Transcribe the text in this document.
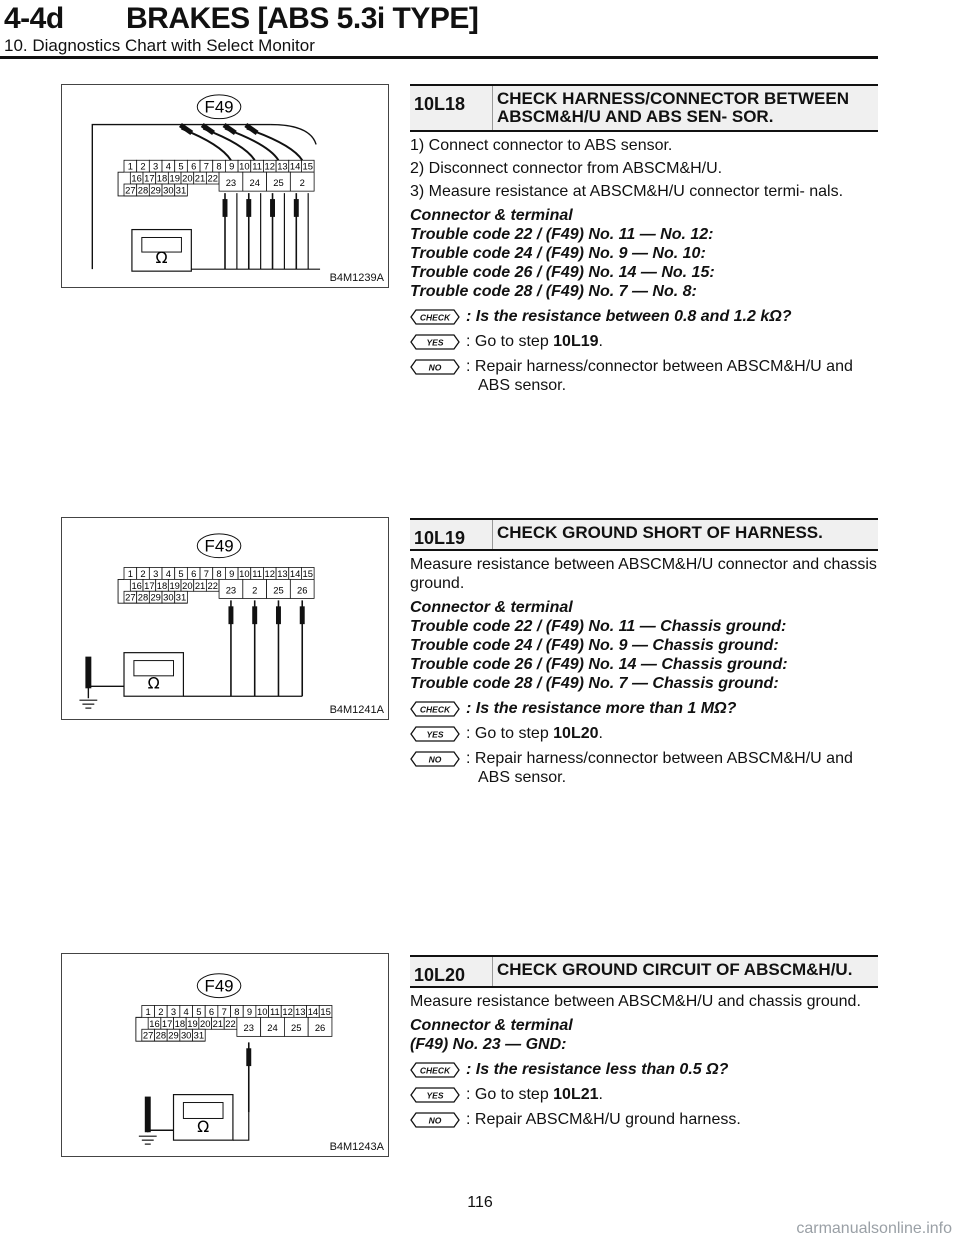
4-4d BRAKES [ABS 5.3i TYPE]
10. Diagnostics Chart with Select Monitor
F49
1 2 3 4 5 6 7 8 9 10 11 12 13 14 15
16 17 18 19 20 21 22 23 24 25 2
27 28 29 30 31
Ω
B4M1239A
F49
1 2 3 4 5 6 7 8 9 10 11 12 13 14 15
16 17 18 19 20 21 22 23 2 25 26
27 28 29 30 31
Ω
B4M1241A
F49
1 2 3 4 5 6 7 8 9 10 11 12 13 14 15
16 17 18 19 20 21 22 23 24 25 26
27 28 29 30 31
Ω
B4M1243A
10L18	CHECK HARNESS/CONNECTOR BETWEEN ABSCM&H/U AND ABS SEN- SOR.
1) Connect connector to ABS sensor.
2) Disconnect connector from ABSCM&H/U.
3) Measure resistance at ABSCM&H/U connector termi- nals.
Connector & terminal
Trouble code 22 / (F49) No. 11 — No. 12:
Trouble code 24 / (F49) No. 9 — No. 10:
Trouble code 26 / (F49) No. 14 — No. 15:
Trouble code 28 / (F49) No. 7 — No. 8:
CHECK : Is the resistance between 0.8 and 1.2 kΩ?
YES : Go to step 10L19.
NO : Repair harness/connector between ABSCM&H/U and ABS sensor.
10L19	CHECK GROUND SHORT OF HARNESS.
Measure resistance between ABSCM&H/U connector and chassis ground.
Connector & terminal
Trouble code 22 / (F49) No. 11 — Chassis ground:
Trouble code 24 / (F49) No. 9 — Chassis ground:
Trouble code 26 / (F49) No. 14 — Chassis ground:
Trouble code 28 / (F49) No. 7 — Chassis ground:
CHECK : Is the resistance more than 1 MΩ?
YES : Go to step 10L20.
NO : Repair harness/connector between ABSCM&H/U and ABS sensor.
10L20	CHECK GROUND CIRCUIT OF ABSCM&H/U.
Measure resistance between ABSCM&H/U and chassis ground.
Connector & terminal
(F49) No. 23 — GND:
CHECK : Is the resistance less than 0.5 Ω?
YES : Go to step 10L21.
NO : Repair ABSCM&H/U ground harness.
116
carmanualsonline.info
